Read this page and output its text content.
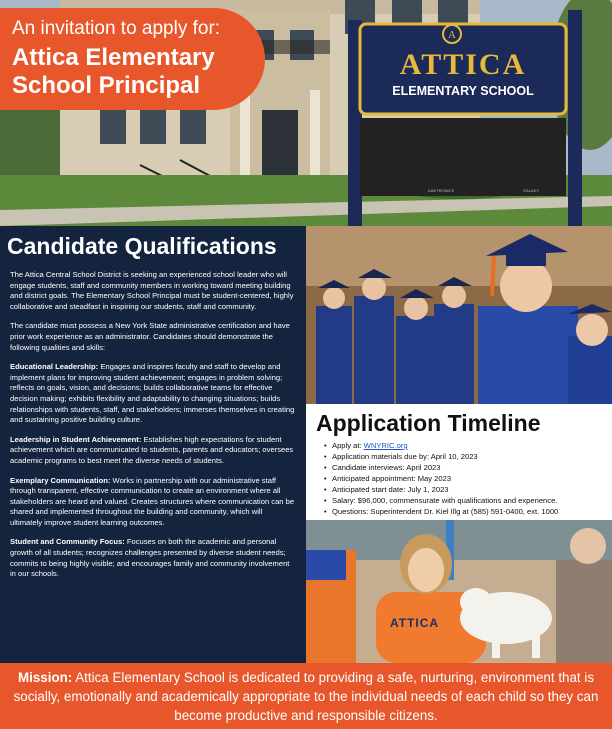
A
ATTICA
ELEMENTARY SCHOOL
DAKTRONICS	GALAXY
An invitation to apply for:
Attica Elementary School Principal
Candidate Qualifications

The Attica Central School District is seeking an experienced school leader who will engage students, staff and community members in working toward meeting building and district goals. The Elementary School Principal must be student-centered, highly collaborative and steadfast in inspiring our students, staff and community.

The candidate must possess a New York State administrative certification and have prior work experience as an administrator. Candidates should demonstrate the following qualities and skills:

Educational Leadership: Engages and inspires faculty and staff to develop and implement plans for improving student achievement; engages in problem solving; reflects on goals, vision, and decisions; builds collaborative teams for effective decision making; exhibits flexibility and adaptability to changing situations; builds relationships with students, staff, and stakeholders; immerses themselves in creating and sustaining positive building culture.

Leadership in Student Achievement: Establishes high expectations for student achievement which are communicated to students, parents and educators; oversees academic programs to best meet the diverse needs of students.

Exemplary Communication: Works in partnership with our administrative staff through transparent, effective communication to create an environment where all stakeholders are heard and valued. Creates structures where communication can be shared and implemented throughout the building and community, which will ultimately improve student learning outcomes.

Student and Community Focus: Focuses on both the academic and personal growth of all students; recognizes challenges presented by diverse student needs; commits to being highly visible; and encourages family and community involvement in our schools.

Application Timeline
• Apply at: WNYRIC.org
• Application materials due by: April 10, 2023
• Candidate interviews: April 2023
• Anticipated appointment: May 2023
• Anticipated start date: July 1, 2023
• Salary: $96,000, commensurate with qualifications and experience.
• Questions: Superintendent Dr. Kiel Illg at (585) 591-0400, ext. 1000
ATTICA
Mission: Attica Elementary School is dedicated to providing a safe, nurturing, environment that is socially, emotionally and academically appropriate to the individual needs of each child so they can become productive and responsible citizens.
